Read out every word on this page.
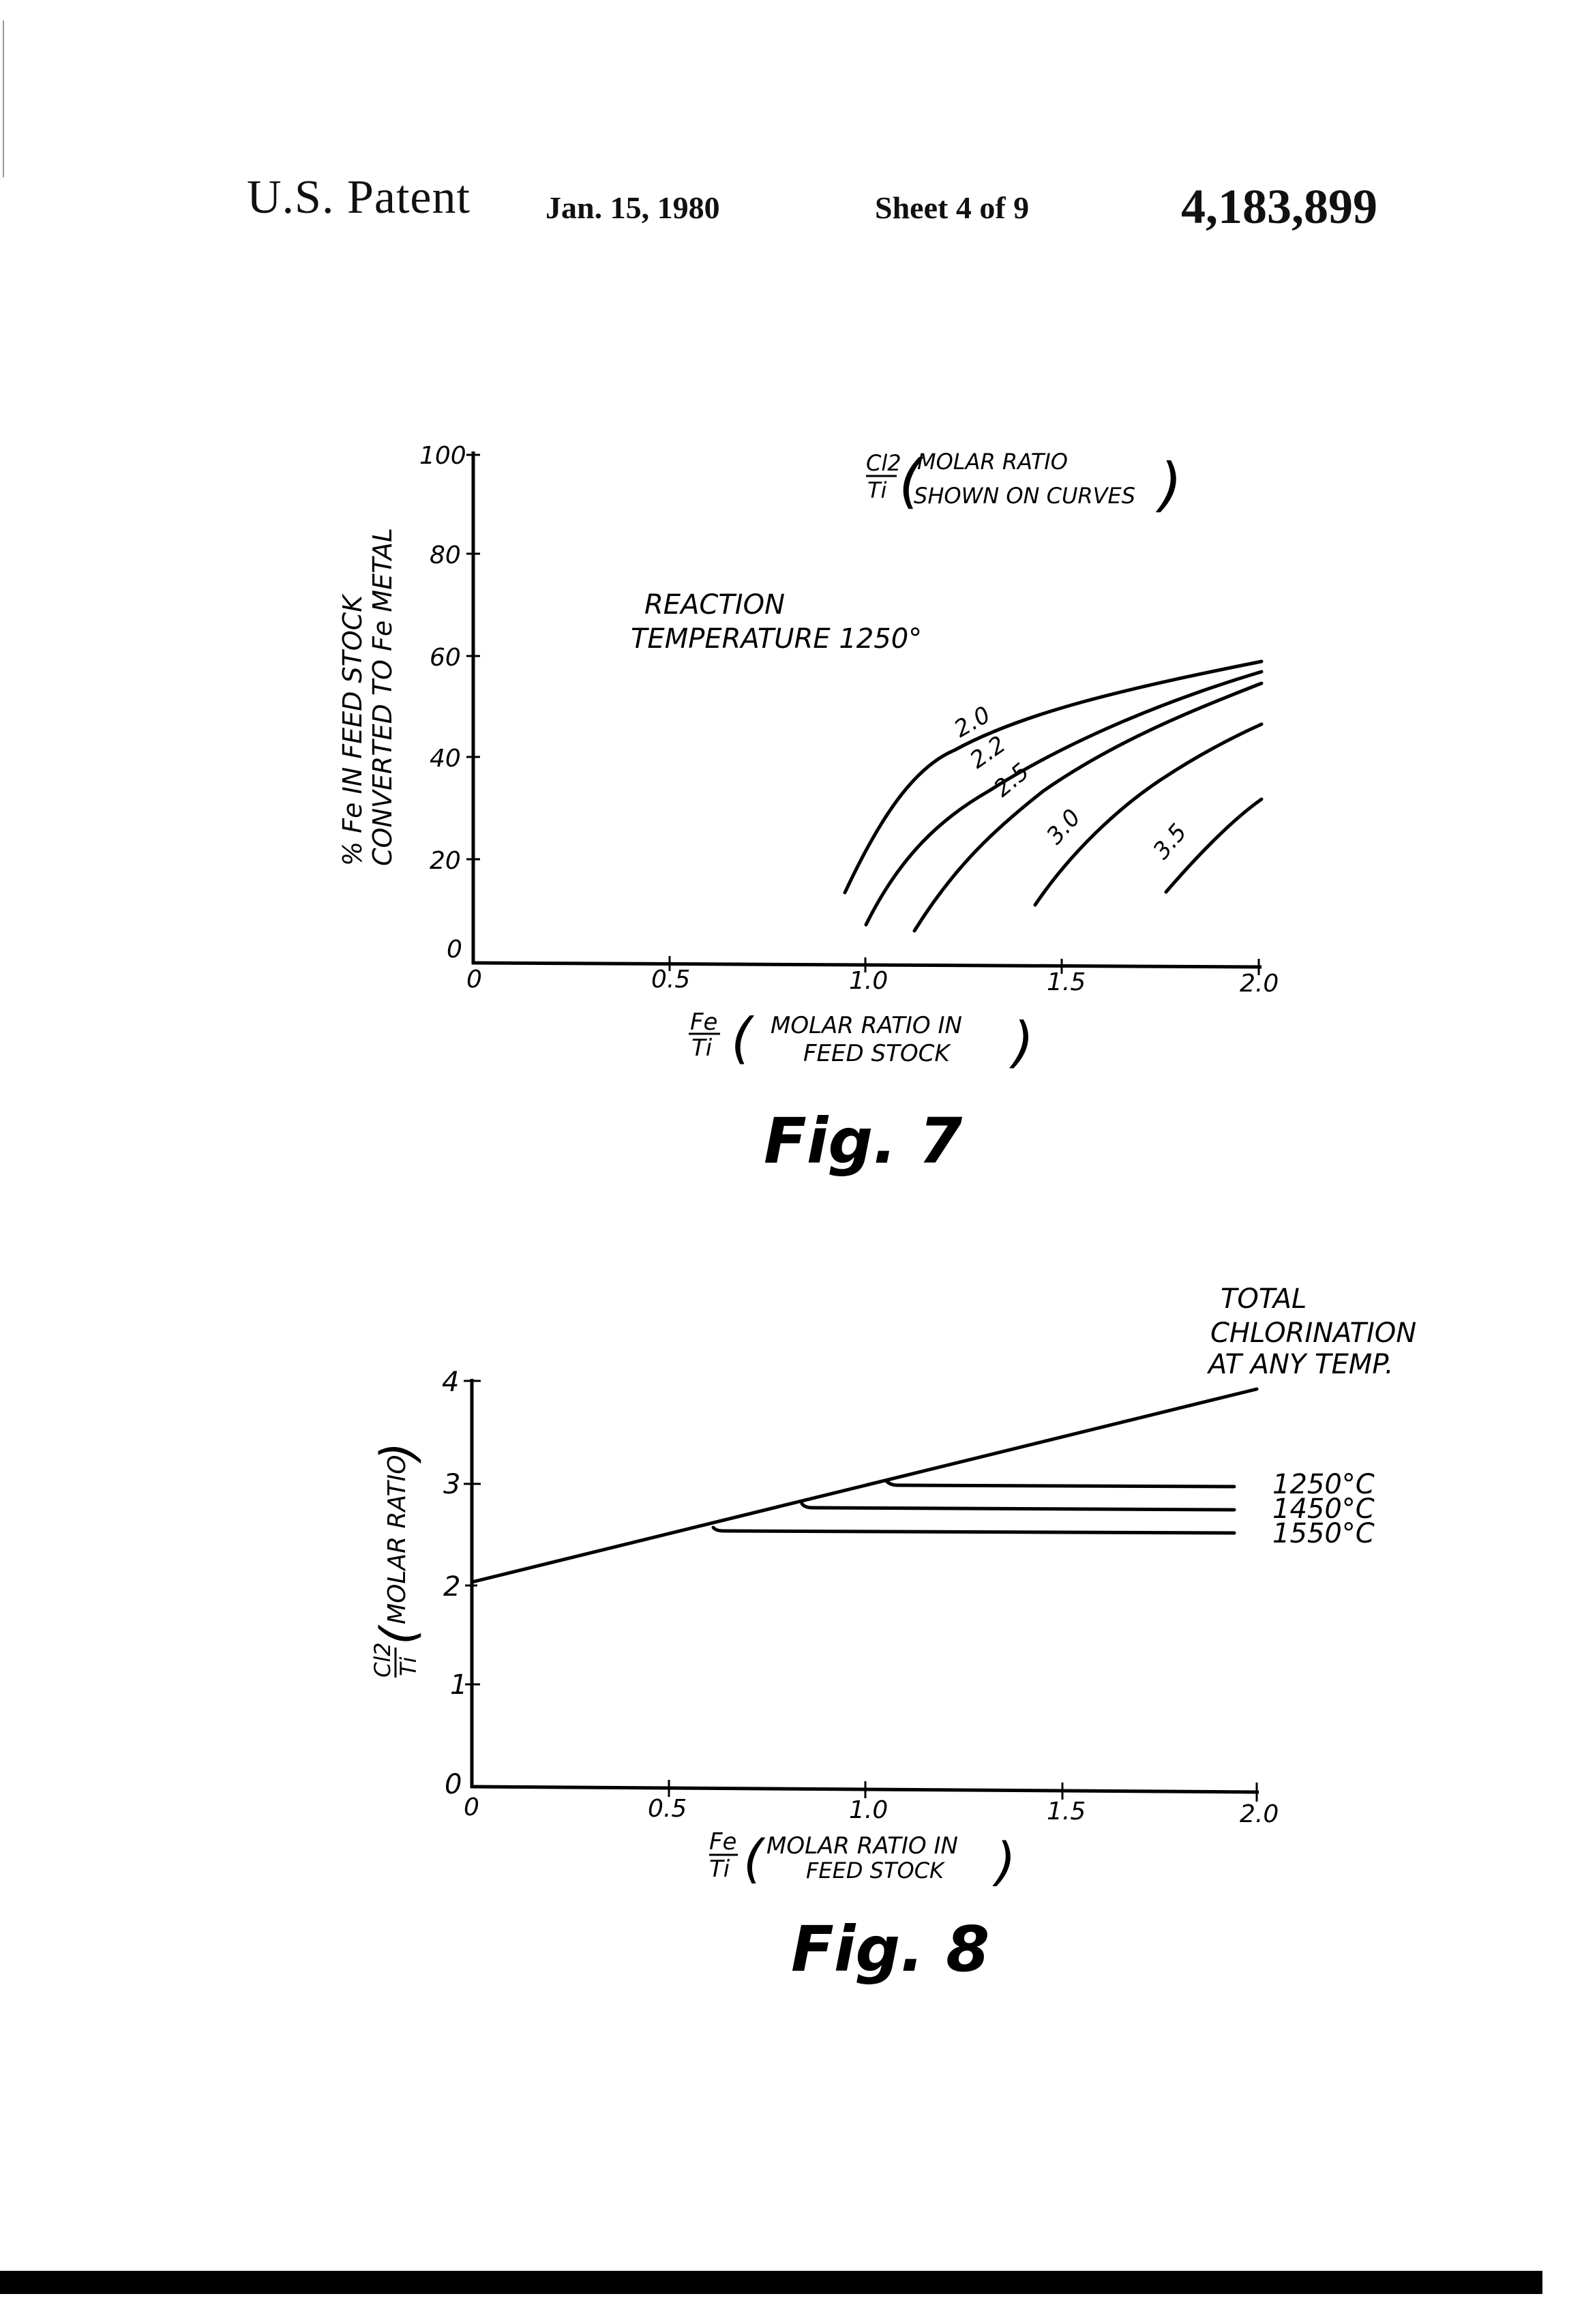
U.S. Patent Jan. 15, 1980	Sheet 4 of 9	4,183,899
100
80
60
40
20
0
0	0.5	1.0	1.5	2.0
% Fe IN FEED STOCK CONVERTED TO Fe METAL	2.0
2.2
2.5
3.0	3.5
Cl2
Ti (
MOLAR RATIO
SHOWN ON CURVES )
REACTION
TEMPERATURE 1250°
Fe
Ti ( MOLAR RATIO IN
FEED STOCK )
Fig. 7
4
3
2
1
0
0	0.5	1.0	1.5	2.0
Cl2 Ti
(
MOLAR RATIO
)
1250°C
1450°C
1550°C
TOTAL
CHLORINATION
AT ANY TEMP.
Fe
Ti ( MOLAR RATIO IN
FEED STOCK )
Fig. 8
